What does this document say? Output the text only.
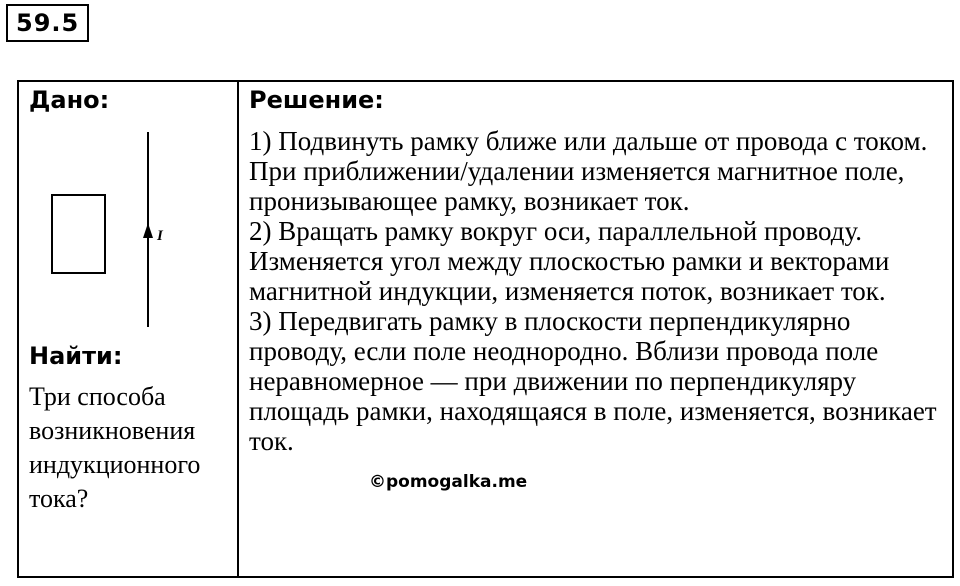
59.5
Дано:
I
Найти:
Три способа возникновения индукционного тока?
Решение:

1) Подвинуть рамку ближе или дальше от провода с током. При приближении/удалении изменяется магнитное поле, пронизывающее рамку, возникает ток.

2) Вращать рамку вокруг оси, параллельной проводу. Изменяется угол между плоскостью рамки и векторами магнитной индукции, изменяется поток, возникает ток.

3) Передвигать рамку в плоскости перпендикулярно проводу, если поле неоднородно. Вблизи провода поле неравномерное — при движении по перпендикуляру площадь рамки, находящаяся в поле, изменяется, возникает ток.

©pomogalka.me
